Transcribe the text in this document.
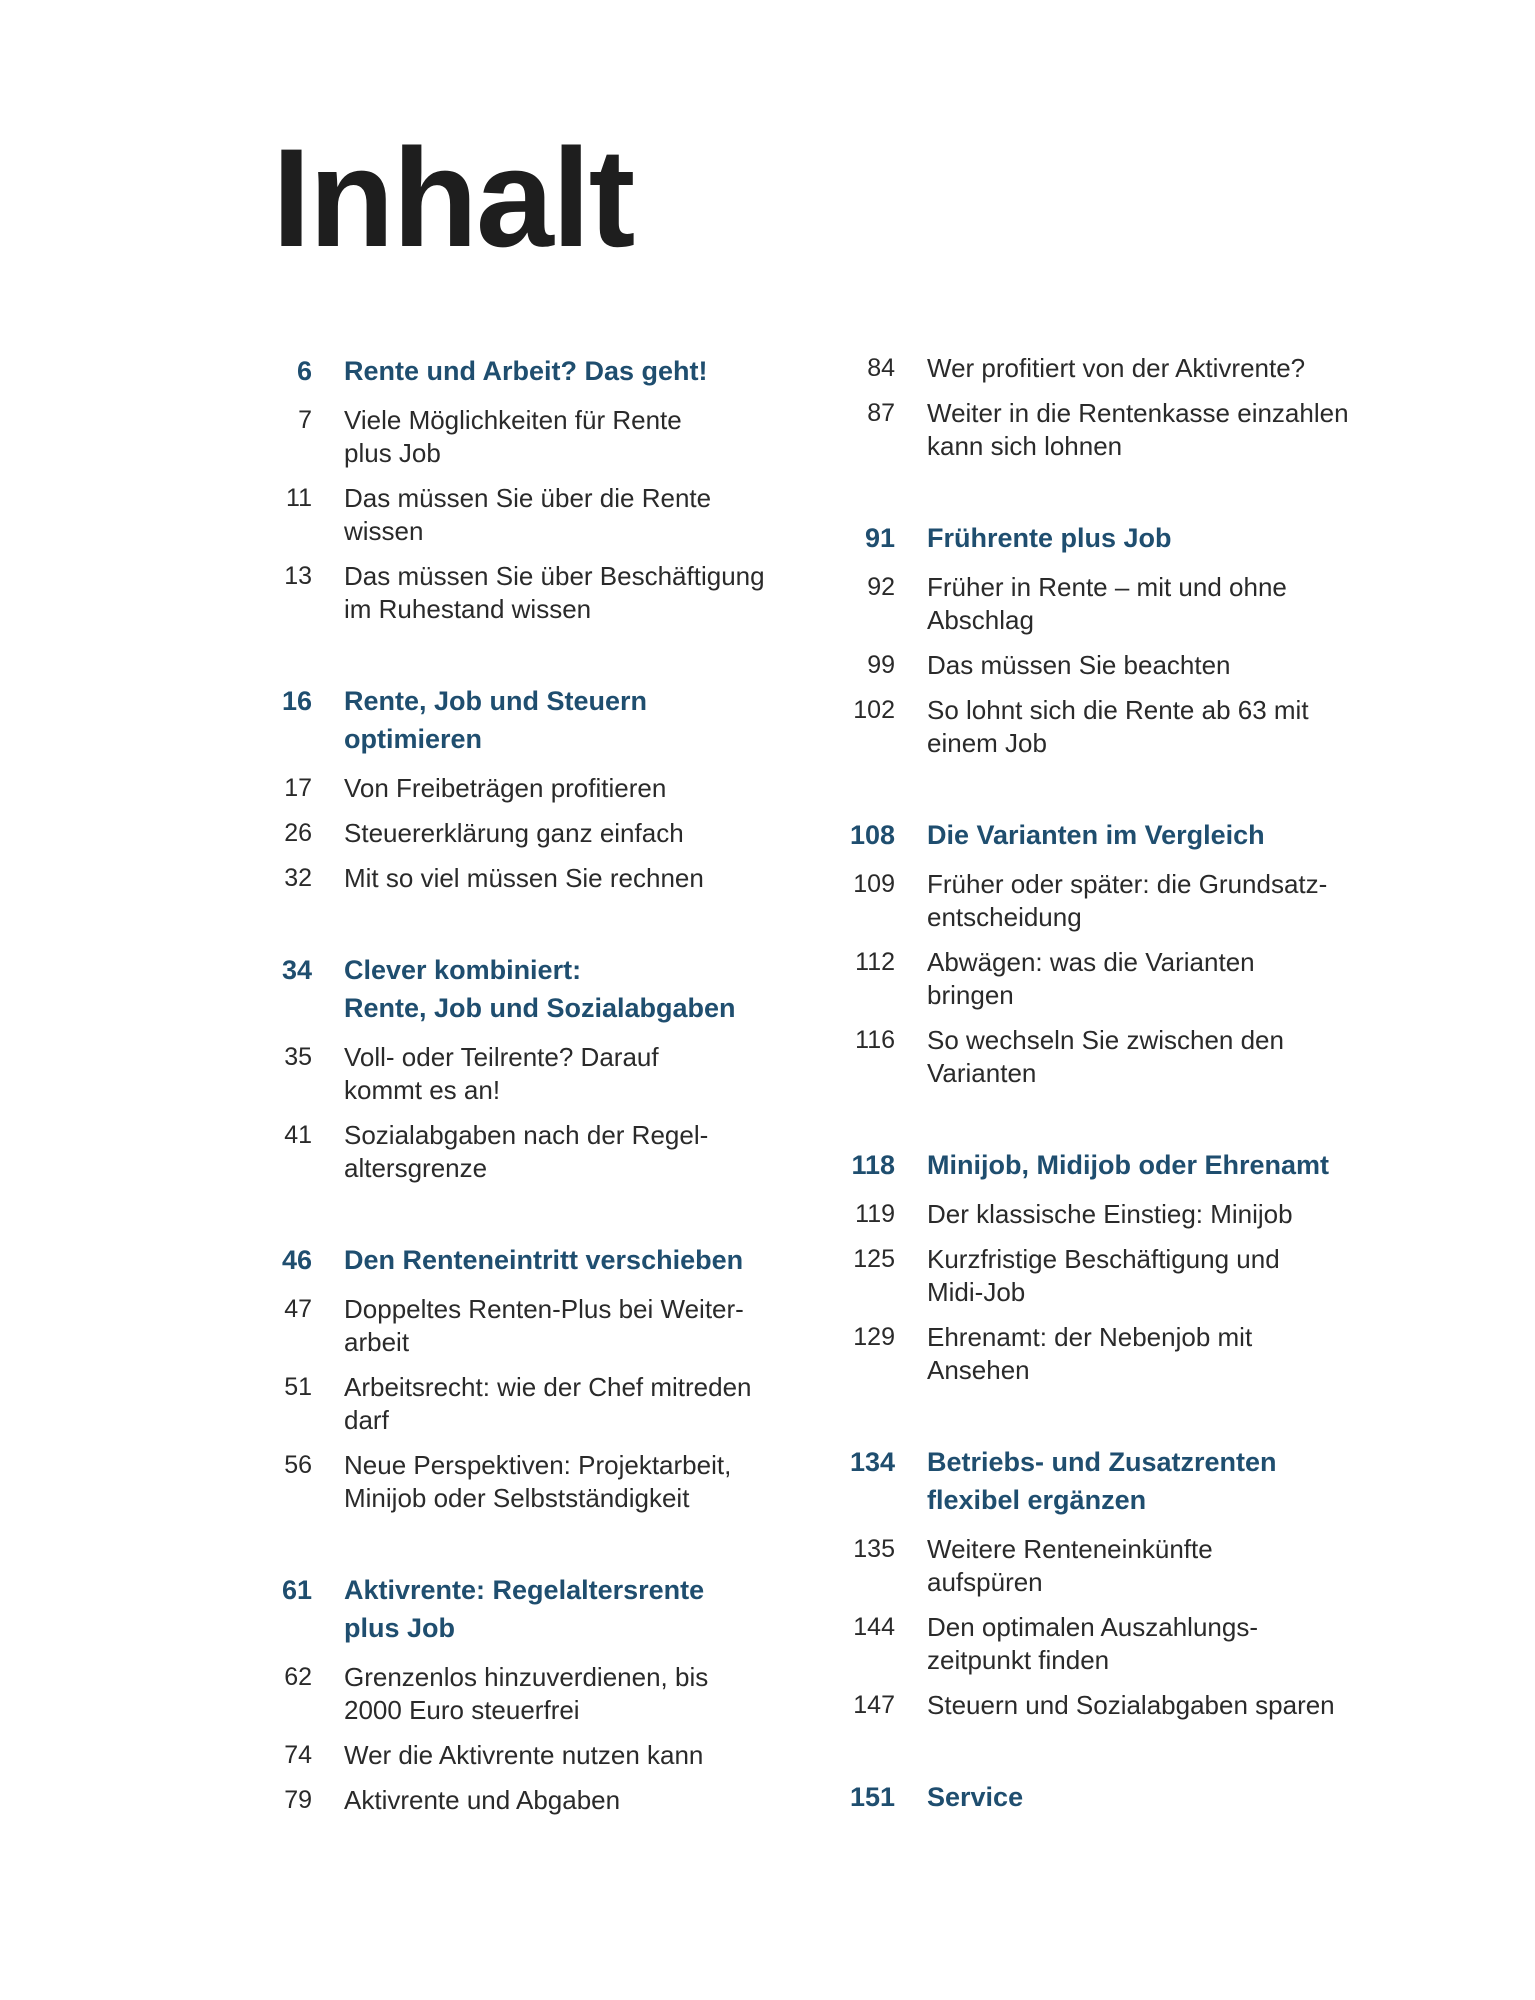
Inhalt
6 Rente und Arbeit? Das geht!
7 Viele Möglichkeiten für Rente
plus Job
11 Das müssen Sie über die Rente
wissen
13 Das müssen Sie über Beschäftigung
im Ruhestand wissen
16 Rente, Job und Steuern
optimieren
17 Von Freibeträgen profitieren
26 Steuererklärung ganz einfach
32 Mit so viel müssen Sie rechnen
34 Clever kombiniert:
Rente, Job und Sozialabgaben
35 Voll- oder Teilrente? Darauf
kommt es an!
41 Sozialabgaben nach der Regel-
altersgrenze
46 Den Renteneintritt verschieben
47 Doppeltes Renten-Plus bei Weiter-
arbeit
51 Arbeitsrecht: wie der Chef mitreden
darf
56 Neue Perspektiven: Projektarbeit,
Minijob oder Selbstständigkeit
61 Aktivrente: Regelaltersrente
plus Job
62 Grenzenlos hinzuverdienen, bis
2000 Euro steuerfrei
74 Wer die Aktivrente nutzen kann
79 Aktivrente und Abgaben
84 Wer profitiert von der Aktivrente?
87 Weiter in die Rentenkasse einzahlen
kann sich lohnen
91 Frührente plus Job
92 Früher in Rente – mit und ohne
Abschlag
99 Das müssen Sie beachten
102 So lohnt sich die Rente ab 63 mit
einem Job
108 Die Varianten im Vergleich
109 Früher oder später: die Grundsatz-
entscheidung
112 Abwägen: was die Varianten
bringen
116 So wechseln Sie zwischen den
Varianten
118 Minijob, Midijob oder Ehrenamt
119 Der klassische Einstieg: Minijob
125 Kurzfristige Beschäftigung und
Midi-Job
129 Ehrenamt: der Nebenjob mit
Ansehen
134 Betriebs- und Zusatzrenten
flexibel ergänzen
135 Weitere Renteneinkünfte
aufspüren
144 Den optimalen Auszahlungs-
zeitpunkt finden
147 Steuern und Sozialabgaben sparen
151 Service
